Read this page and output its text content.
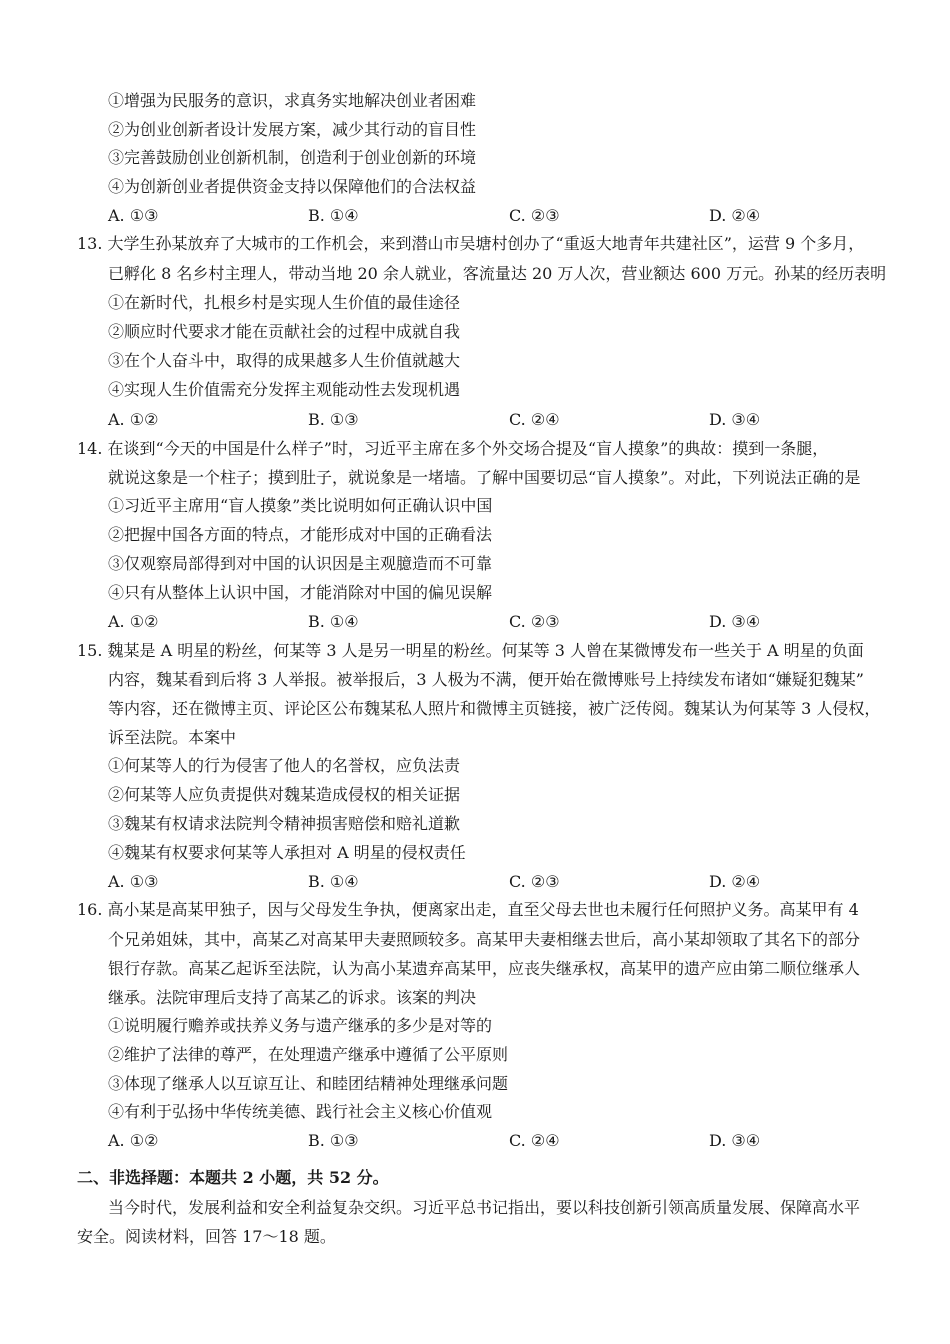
①增强为民服务的意识，求真务实地解决创业者困难
②为创业创新者设计发展方案，减少其行动的盲目性
③完善鼓励创业创新机制，创造利于创业创新的环境
④为创新创业者提供资金支持以保障他们的合法权益
A. ①③	B. ①④	C. ②③	D. ②④
13. 大学生孙某放弃了大城市的工作机会，来到潜山市吴塘村创办了“重返大地青年共建社区”，运营 9 个多月，
已孵化 8 名乡村主理人，带动当地 20 余人就业，客流量达 20 万人次，营业额达 600 万元。孙某的经历表明
①在新时代，扎根乡村是实现人生价值的最佳途径
②顺应时代要求才能在贡献社会的过程中成就自我
③在个人奋斗中，取得的成果越多人生价值就越大
④实现人生价值需充分发挥主观能动性去发现机遇
A. ①②	B. ①③	C. ②④	D. ③④
14. 在谈到“今天的中国是什么样子”时，习近平主席在多个外交场合提及“盲人摸象”的典故：摸到一条腿，
就说这象是一个柱子；摸到肚子，就说象是一堵墙。了解中国要切忌“盲人摸象”。对此，下列说法正确的是
①习近平主席用“盲人摸象”类比说明如何正确认识中国
②把握中国各方面的特点，才能形成对中国的正确看法
③仅观察局部得到对中国的认识因是主观臆造而不可靠
④只有从整体上认识中国，才能消除对中国的偏见误解
A. ①②	B. ①④	C. ②③	D. ③④
15. 魏某是 A 明星的粉丝，何某等 3 人是另一明星的粉丝。何某等 3 人曾在某微博发布一些关于 A 明星的负面
内容，魏某看到后将 3 人举报。被举报后，3 人极为不满，便开始在微博账号上持续发布诸如“嫌疑犯魏某”
等内容，还在微博主页、评论区公布魏某私人照片和微博主页链接，被广泛传阅。魏某认为何某等 3 人侵权，
诉至法院。本案中
①何某等人的行为侵害了他人的名誉权，应负法责
②何某等人应负责提供对魏某造成侵权的相关证据
③魏某有权请求法院判令精神损害赔偿和赔礼道歉
④魏某有权要求何某等人承担对 A 明星的侵权责任
A. ①③	B. ①④	C. ②③	D. ②④
16. 高小某是高某甲独子，因与父母发生争执，便离家出走，直至父母去世也未履行任何照护义务。高某甲有 4
个兄弟姐妹，其中，高某乙对高某甲夫妻照顾较多。高某甲夫妻相继去世后，高小某却领取了其名下的部分
银行存款。高某乙起诉至法院，认为高小某遗弃高某甲，应丧失继承权，高某甲的遗产应由第二顺位继承人
继承。法院审理后支持了高某乙的诉求。该案的判决
①说明履行赡养或扶养义务与遗产继承的多少是对等的
②维护了法律的尊严，在处理遗产继承中遵循了公平原则
③体现了继承人以互谅互让、和睦团结精神处理继承问题
④有利于弘扬中华传统美德、践行社会主义核心价值观
A. ①②	B. ①③	C. ②④	D. ③④
二、非选择题：本题共 2 小题，共 52 分。
当今时代，发展利益和安全利益复杂交织。习近平总书记指出，要以科技创新引领高质量发展、保障高水平
安全。阅读材料，回答 17～18 题。
